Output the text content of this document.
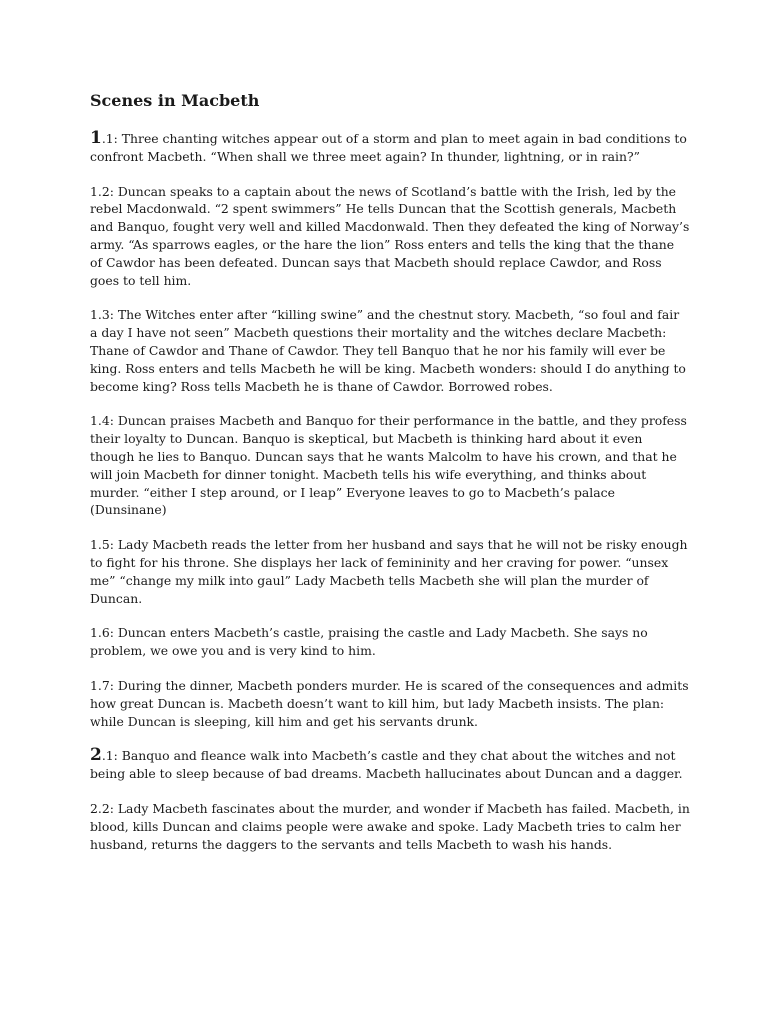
Scenes in Macbeth

1.1: Three chanting witches appear out of a storm and plan to meet again in bad conditions to confront Macbeth. “When shall we three meet again? In thunder, lightning, or in rain?”

1.2: Duncan speaks to a captain about the news of Scotland’s battle with the Irish, led by the rebel Macdonwald. “2 spent swimmers” He tells Duncan that the Scottish generals, Macbeth and Banquo, fought very well and killed Macdonwald. Then they defeated the king of Norway’s army. “As sparrows eagles, or the hare the lion” Ross enters and tells the king that the thane of Cawdor has been defeated. Duncan says that Macbeth should replace Cawdor, and Ross goes to tell him.

1.3: The Witches enter after “killing swine” and the chestnut story. Macbeth, “so foul and fair a day I have not seen” Macbeth questions their mortality and the witches declare Macbeth: Thane of Cawdor and Thane of Cawdor. They tell Banquo that he nor his family will ever be king. Ross enters and tells Macbeth he will be king. Macbeth wonders: should I do anything to become king? Ross tells Macbeth he is thane of Cawdor. Borrowed robes.

1.4: Duncan praises Macbeth and Banquo for their performance in the battle, and they profess their loyalty to Duncan. Banquo is skeptical, but Macbeth is thinking hard about it even though he lies to Banquo. Duncan says that he wants Malcolm to have his crown, and that he will join Macbeth for dinner tonight. Macbeth tells his wife everything, and thinks about murder. “either I step around, or I leap” Everyone leaves to go to Macbeth’s palace (Dunsinane)

1.5: Lady Macbeth reads the letter from her husband and says that he will not be risky enough to fight for his throne. She displays her lack of femininity and her craving for power. “unsex me” “change my milk into gaul” Lady Macbeth tells Macbeth she will plan the murder of Duncan.

1.6: Duncan enters Macbeth’s castle, praising the castle and Lady Macbeth. She says no problem, we owe you and is very kind to him.

1.7: During the dinner, Macbeth ponders murder. He is scared of the consequences and admits how great Duncan is. Macbeth doesn’t want to kill him, but lady Macbeth insists. The plan: while Duncan is sleeping, kill him and get his servants drunk.

2.1: Banquo and fleance walk into Macbeth’s castle and they chat about the witches and not being able to sleep because of bad dreams. Macbeth hallucinates about Duncan and a dagger.

2.2: Lady Macbeth fascinates about the murder, and wonder if Macbeth has failed. Macbeth, in blood, kills Duncan and claims people were awake and spoke. Lady Macbeth tries to calm her husband, returns the daggers to the servants and tells Macbeth to wash his hands.
